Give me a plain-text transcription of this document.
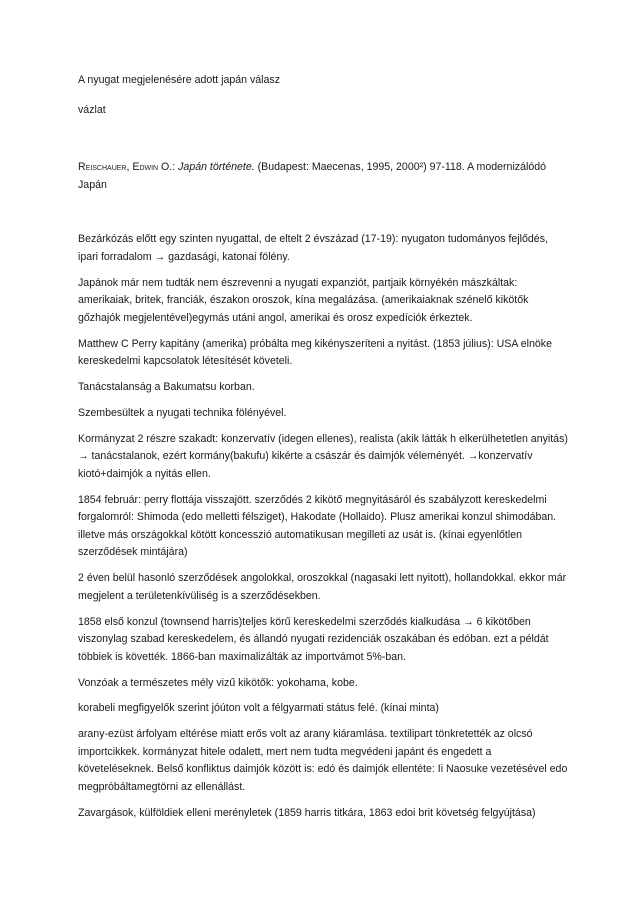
A nyugat megjelenésére adott japán válasz

vázlat

Reischauer, Edwin O.: Japán története. (Budapest: Maecenas, 1995, 2000²) 97-118. A modernizálódó Japán

Bezárkózás előtt egy szinten nyugattal, de eltelt 2 évszázad (17-19): nyugaton tudományos fejlődés, ipari forradalom → gazdasági, katonai fölény.

Japánok már nem tudták nem észrevenni a nyugati expanziót, partjaik környékén mászkáltak: amerikaiak, britek, franciák, északon oroszok, kína megalázása. (amerikaiaknak szénelő kikötők gőzhajók megjelentével)egymás utáni angol, amerikai és orosz expedíciók érkeztek.

Matthew C Perry kapitány (amerika) próbálta meg kikényszeríteni a nyitást. (1853 július): USA elnöke kereskedelmi kapcsolatok létesítését követeli.

Tanácstalanság a Bakumatsu korban.

Szembesültek a nyugati technika fölényével.

Kormányzat 2 részre szakadt: konzervatív (idegen ellenes), realista (akik látták h elkerülhetetlen anyitás) → tanácstalanok, ezért kormány(bakufu) kikérte a császár és daimjók véleményét. →konzervatív kiotó+daimjók a nyitás ellen.

1854 február: perry flottája visszajött. szerződés 2 kikötő megnyitásáról és szabályzott kereskedelmi forgalomról: Shimoda (edo melletti félsziget), Hakodate (Hollaido). Plusz amerikai konzul shimodában. illetve más országokkal kötött koncesszió automatikusan megilleti az usát is. (kínai egyenlőtlen szerződések mintájára)

2 éven belül hasonló szerződések angolokkal, oroszokkal (nagasaki lett nyitott), hollandokkal. ekkor már megjelent a területenkívüliség is a szerződésekben.

1858 első konzul (townsend harris)teljes körű kereskedelmi szerződés kialkudása → 6 kikötőben viszonylag szabad kereskedelem, és állandó nyugati rezidenciák oszakában és edóban. ezt a példát többiek is követték. 1866-ban maximalizálták az importvámot 5%-ban.

Vonzóak a természetes mély vizű kikötők: yokohama, kobe.

korabeli megfigyelők szerint jóúton volt a félgyarmati státus felé. (kínai minta)

arany-ezüst árfolyam eltérése miatt erős volt az arany kiáramlása. textilipart tönkretették az olcsó importcikkek. kormányzat hitele odalett, mert nem tudta megvédeni japánt és engedett a követeléseknek. Belső konfliktus daimjók között is: edó és daimjók ellentéte: Ii Naosuke vezetésével edo megpróbáltamegtörni az ellenállást.

Zavargások, külföldiek elleni merényletek (1859 harris titkára, 1863 edoi brit követség felgyújtása)
